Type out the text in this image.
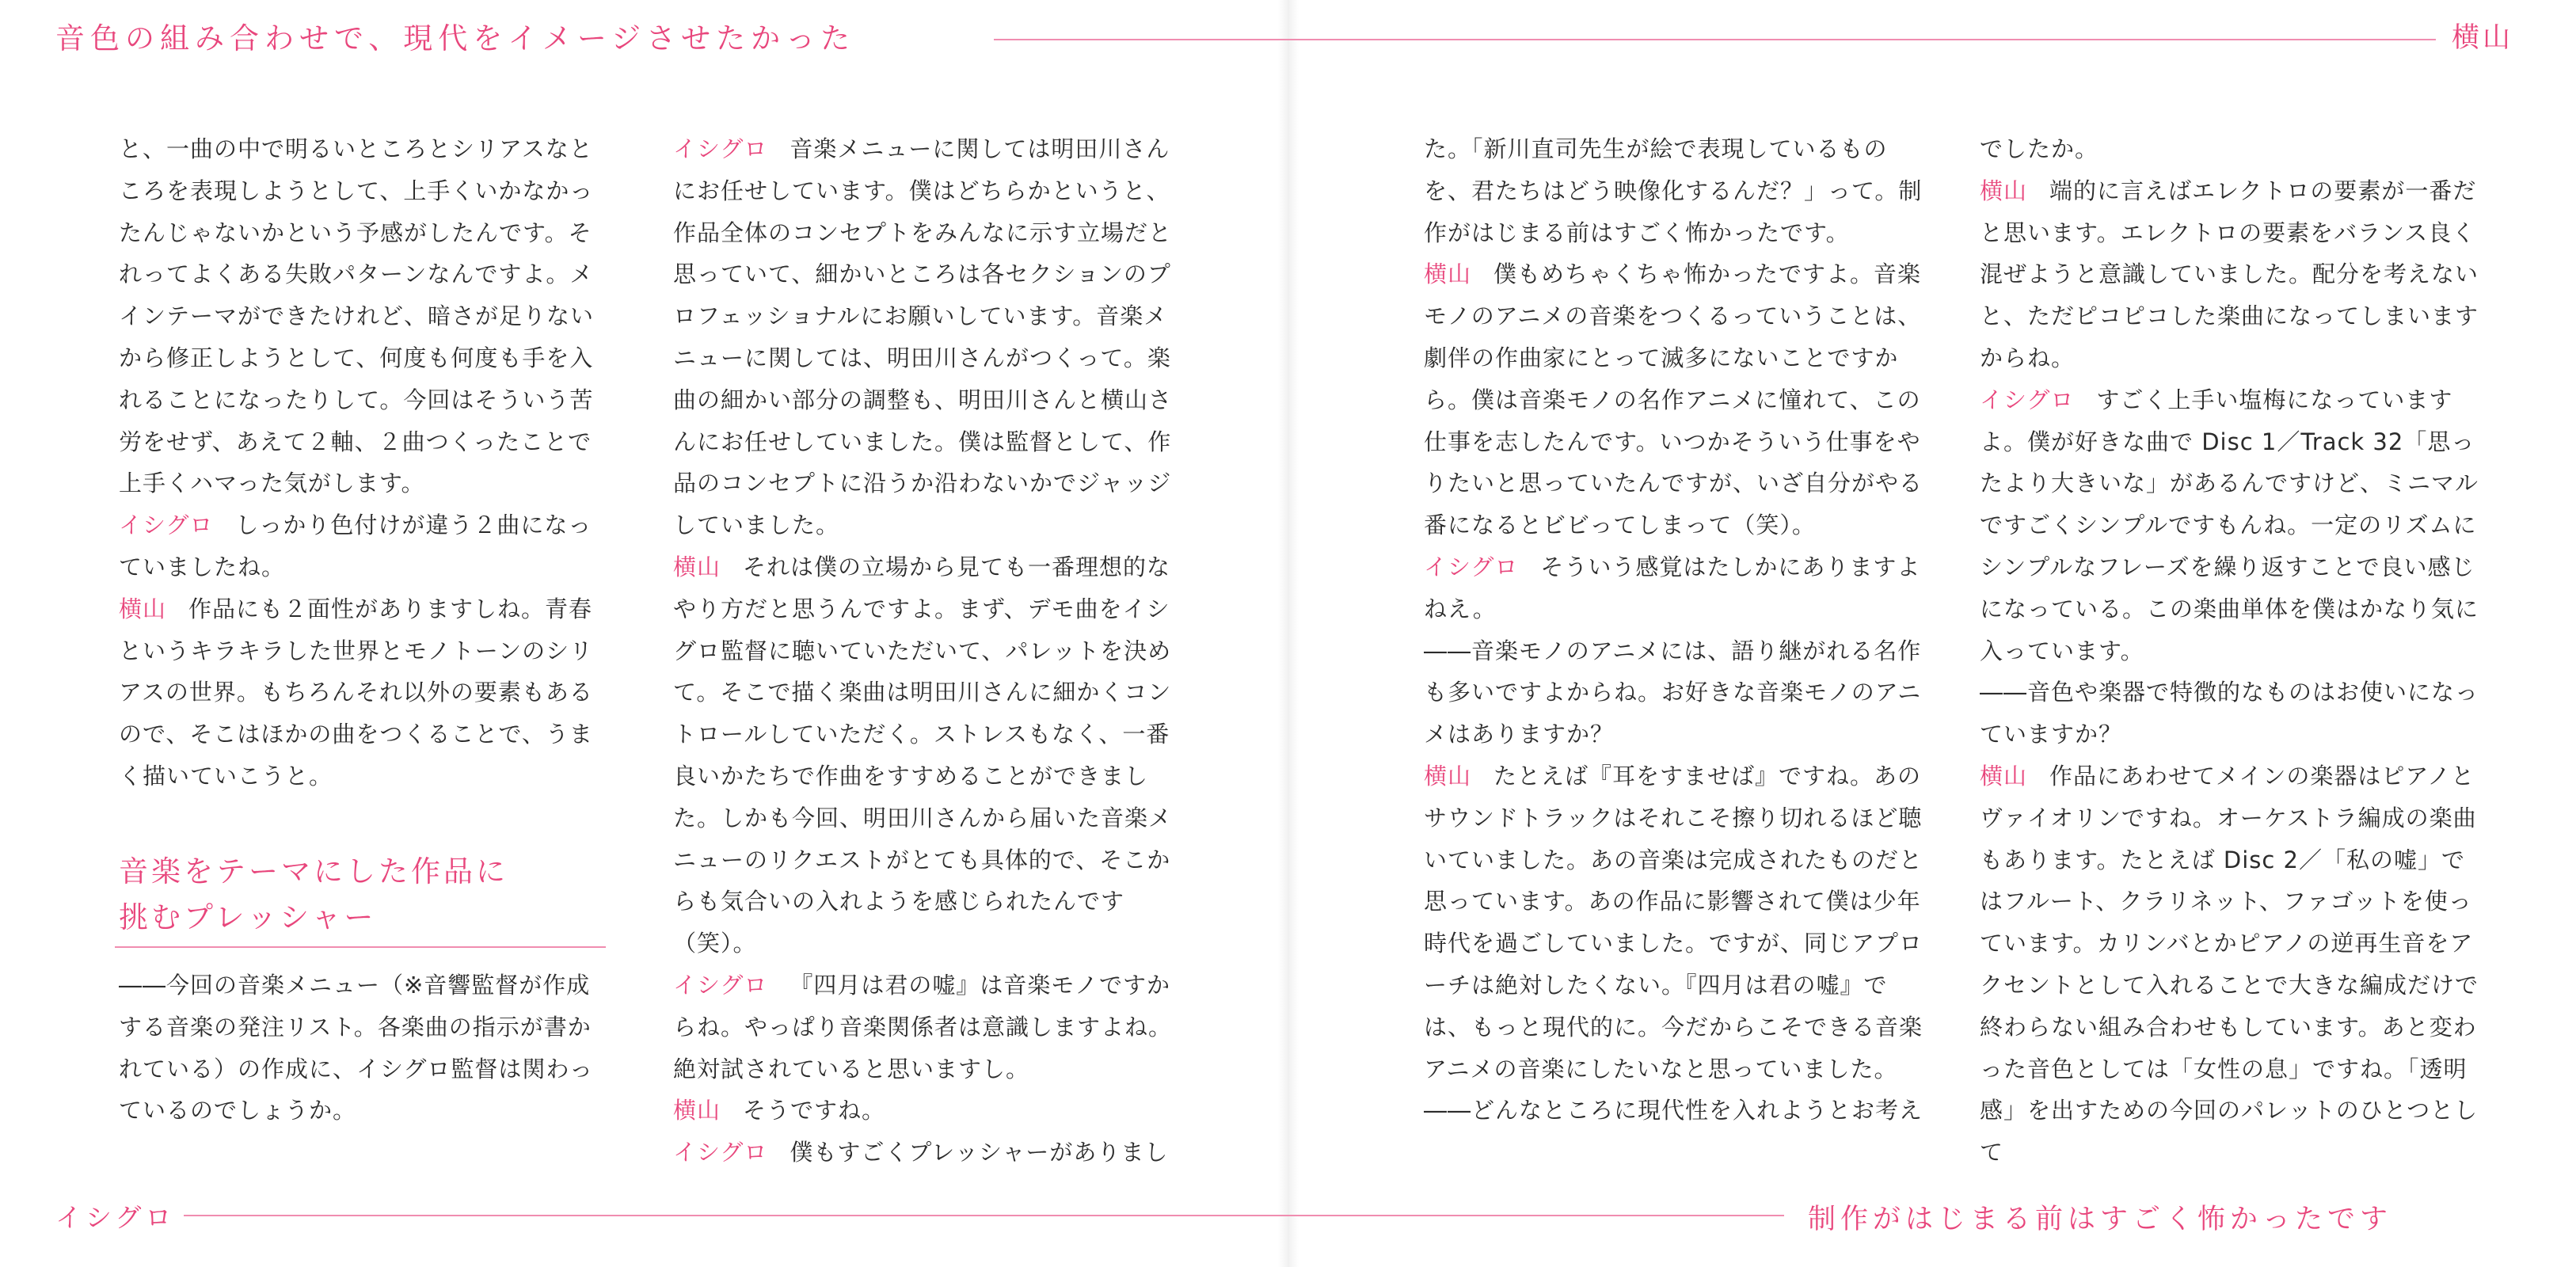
音色の組み合わせで、現代をイメージさせたかった	横山

と、一曲の中で明るいところとシリアスなところを表現しようとして、上手くいかなかったんじゃないかという予感がしたんです。それってよくある失敗パターンなんですよ。メインテーマができたけれど、暗さが足りないから修正しようとして、何度も何度も手を入れることになったりして。今回はそういう苦労をせず、あえて２軸、２曲つくったことで上手くハマった気がします。

イシグロ しっかり色付けが違う２曲になっていましたね。

横山 作品にも２面性がありますしね。青春というキラキラした世界とモノトーンのシリアスの世界。もちろんそれ以外の要素もあるので、そこはほかの曲をつくることで、うまく描いていこうと。

音楽をテーマにした作品に
挑むプレッシャー

――今回の音楽メニュー（※音響監督が作成する音楽の発注リスト。各楽曲の指示が書かれている）の作成に、イシグロ監督は関わっているのでしょうか。

イシグロ 音楽メニューに関しては明田川さんにお任せしています。僕はどちらかというと、作品全体のコンセプトをみんなに示す立場だと思っていて、細かいところは各セクションのプロフェッショナルにお願いしています。音楽メニューに関しては、明田川さんがつくって。楽曲の細かい部分の調整も、明田川さんと横山さんにお任せしていました。僕は監督として、作品のコンセプトに沿うか沿わないかでジャッジしていました。

横山 それは僕の立場から見ても一番理想的なやり方だと思うんですよ。まず、デモ曲をイシグロ監督に聴いていただいて、パレットを決めて。そこで描く楽曲は明田川さんに細かくコントロールしていただく。ストレスもなく、一番良いかたちで作曲をすすめることができました。しかも今回、明田川さんから届いた音楽メニューのリクエストがとても具体的で、そこからも気合いの入れようを感じられたんです（笑）。

イシグロ 『四月は君の嘘』は音楽モノですからね。やっぱり音楽関係者は意識しますよね。絶対試されていると思いますし。

横山 そうですね。

イシグロ 僕もすごくプレッシャーがありまし

た。「新川直司先生が絵で表現しているものを、君たちはどう映像化するんだ？」って。制作がはじまる前はすごく怖かったです。

横山 僕もめちゃくちゃ怖かったですよ。音楽モノのアニメの音楽をつくるっていうことは、劇伴の作曲家にとって滅多にないことですから。僕は音楽モノの名作アニメに憧れて、この仕事を志したんです。いつかそういう仕事をやりたいと思っていたんですが、いざ自分がやる番になるとビビってしまって（笑）。

イシグロ そういう感覚はたしかにありますよねえ。

――音楽モノのアニメには、語り継がれる名作も多いですよからね。お好きな音楽モノのアニメはありますか？

横山 たとえば『耳をすませば』ですね。あのサウンドトラックはそれこそ擦り切れるほど聴いていました。あの音楽は完成されたものだと思っています。あの作品に影響されて僕は少年時代を過ごしていました。ですが、同じアプローチは絶対したくない。『四月は君の嘘』では、もっと現代的に。今だからこそできる音楽アニメの音楽にしたいなと思っていました。

――どんなところに現代性を入れようとお考え

でしたか。

横山 端的に言えばエレクトロの要素が一番だと思います。エレクトロの要素をバランス良く混ぜようと意識していました。配分を考えないと、ただピコピコした楽曲になってしまいますからね。

イシグロ すごく上手い塩梅になっていますよ。僕が好きな曲で Disc 1／Track 32「思ったより大きいな」があるんですけど、ミニマルですごくシンプルですもんね。一定のリズムにシンプルなフレーズを繰り返すことで良い感じになっている。この楽曲単体を僕はかなり気に入っています。

――音色や楽器で特徴的なものはお使いになっていますか？

横山 作品にあわせてメインの楽器はピアノとヴァイオリンですね。オーケストラ編成の楽曲もあります。たとえば Disc 2／「私の嘘」ではフルート、クラリネット、ファゴットを使っています。カリンバとかピアノの逆再生音をアクセントとして入れることで大きな編成だけで終わらない組み合わせもしています。あと変わった音色としては「女性の息」ですね。「透明感」を出すための今回のパレットのひとつとして

イシグロ	制作がはじまる前はすごく怖かったです
